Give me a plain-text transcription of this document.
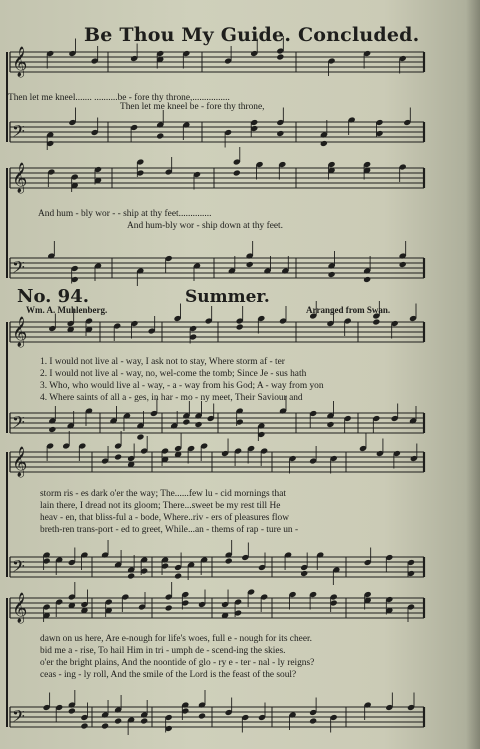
𝄞
𝄢
𝄞
𝄢
𝄞
𝄢
𝄞
𝄢
𝄞
𝄢
Be Thou My Guide. Concluded.
Then let me kneel....... ..........be - fore thy throne,................
Then let me kneel be - fore thy throne,
And hum - bly wor - - ship at thy feet..............
And hum-bly wor - ship down at thy feet.
No. 94.	Summer.
Wm. A. Muhlenberg.	Arranged from Swan.
1. I would not live al - way, I ask not to stay, Where storm af - ter
2. I would not live al - way, no, wel-come the tomb; Since Je - sus hath
3. Who, who would live al - way, - a - way from his God; A - way from yon
4. Where saints of all a - ges, in har - mo - ny meet, Their Saviour and
storm ris - es dark o'er the way; The......few lu - cid mornings that
lain there, I dread not its gloom; There...sweet be my rest till He
heav - en, that bliss-ful a - bode, Where..riv - ers of pleasures flow
breth-ren trans-port - ed to greet, While...an - thems of rap - ture un -
dawn on us here, Are e-nough for life's woes, full e - nough for its cheer.
bid me a - rise, To hail Him in tri - umph de - scend-ing the skies.
o'er the bright plains, And the noontide of glo - ry e - ter - nal - ly reigns?
ceas - ing - ly roll, And the smile of the Lord is the feast of the soul?
